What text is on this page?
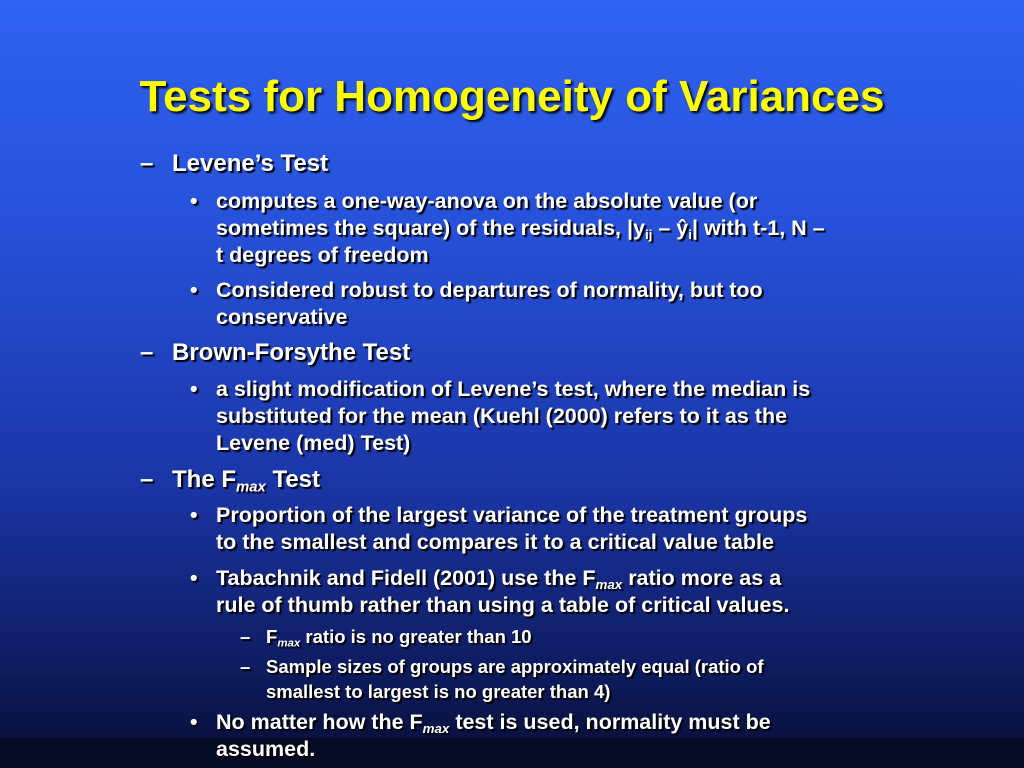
Tests for Homogeneity of Variances
– Levene’s Test
• computes a one-way-anova on the absolute value (or
sometimes the square) of the residuals, $|y_{ij}$ – $ŷ_i|$ with t-1, N –
t degrees of freedom
• Considered robust to departures of normality, but too
conservative
– Brown-Forsythe Test
• a slight modification of Levene’s test, where the median is
substituted for the mean (Kuehl (2000) refers to it as the
Levene (med) Test)
– The $F_{max}$ Test
• Proportion of the largest variance of the treatment groups
to the smallest and compares it to a critical value table
• Tabachnik and Fidell (2001) use the $F_{max}$ ratio more as a
rule of thumb rather than using a table of critical values.
– $F_{max}$ ratio is no greater than 10
– Sample sizes of groups are approximately equal (ratio of
smallest to largest is no greater than 4)
• No matter how the $F_{max}$ test is used, normality must be
assumed.
